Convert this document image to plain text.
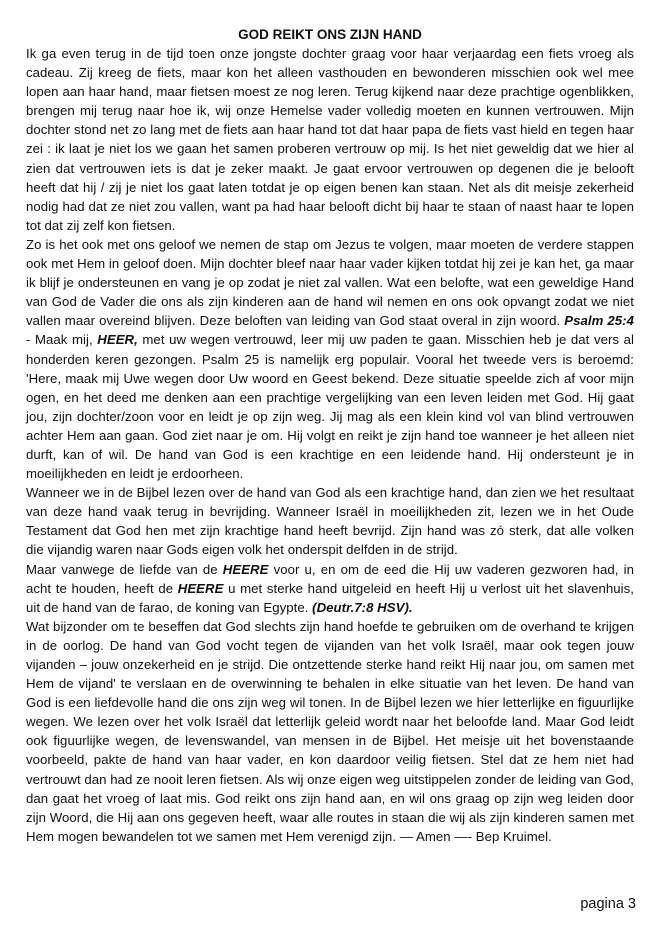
GOD REIKT ONS ZIJN HAND

Ik ga even terug in de tijd toen onze jongste dochter graag voor haar verjaardag een fiets vroeg als cadeau. Zij kreeg de fiets, maar kon het alleen vasthouden en bewonderen misschien ook wel mee lopen aan haar hand, maar fietsen moest ze nog leren. Terug kijkend naar deze prachtige ogenblikken, brengen mij terug naar hoe ik, wij onze Hemelse vader volledig moeten en kunnen vertrouwen. Mijn dochter stond net zo lang met de fiets aan haar hand tot dat haar papa de fiets vast hield en tegen haar zei : ik laat je niet los we gaan het samen proberen vertrouw op mij. Is het niet geweldig dat we hier al zien dat vertrouwen iets is dat je zeker maakt. Je gaat ervoor vertrouwen op degenen die je belooft heeft dat hij / zij je niet los gaat laten totdat je op eigen benen kan staan. Net als dit meisje zekerheid nodig had dat ze niet zou vallen, want pa had haar belooft dicht bij haar te staan of naast haar te lopen tot dat zij zelf kon fietsen.

Zo is het ook met ons geloof we nemen de stap om Jezus te volgen, maar moeten de verdere stappen ook met Hem in geloof doen. Mijn dochter bleef naar haar vader kijken totdat hij zei je kan het, ga maar ik blijf je ondersteunen en vang je op zodat je niet zal vallen. Wat een belofte, wat een geweldige Hand van God de Vader die ons als zijn kinderen aan de hand wil nemen en ons ook opvangt zodat we niet vallen maar overeind blijven. Deze beloften van leiding van God staat overal in zijn woord. Psalm 25:4 - Maak mij, HEER, met uw wegen vertrouwd, leer mij uw paden te gaan. Misschien heb je dat vers al honderden keren gezongen. Psalm 25 is namelijk erg populair. Vooral het tweede vers is beroemd: 'Here, maak mij Uwe wegen door Uw woord en Geest bekend. Deze situatie speelde zich af voor mijn ogen, en het deed me denken aan een prachtige vergelijking van een leven leiden met God. Hij gaat jou, zijn dochter/zoon voor en leidt je op zijn weg. Jij mag als een klein kind vol van blind vertrouwen achter Hem aan gaan. God ziet naar je om. Hij volgt en reikt je zijn hand toe wanneer je het alleen niet durft, kan of wil. De hand van God is een krachtige en een leidende hand. Hij ondersteunt je in moeilijkheden en leidt je erdoorheen.

Wanneer we in de Bijbel lezen over de hand van God als een krachtige hand, dan zien we het resultaat van deze hand vaak terug in bevrijding. Wanneer Israël in moeilijkheden zit, lezen we in het Oude Testament dat God hen met zijn krachtige hand heeft bevrijd. Zijn hand was zó sterk, dat alle volken die vijandig waren naar Gods eigen volk het onderspit delfden in de strijd.

Maar vanwege de liefde van de HEERE voor u, en om de eed die Hij uw vaderen gezworen had, in acht te houden, heeft de HEERE u met sterke hand uitgeleid en heeft Hij u verlost uit het slavenhuis, uit de hand van de farao, de koning van Egypte. (Deutr.7:8 HSV).

Wat bijzonder om te beseffen dat God slechts zijn hand hoefde te gebruiken om de overhand te krijgen in de oorlog. De hand van God vocht tegen de vijanden van het volk Israël, maar ook tegen jouw vijanden – jouw onzekerheid en je strijd. Die ontzettende sterke hand reikt Hij naar jou, om samen met Hem de vijand' te verslaan en de overwinning te behalen in elke situatie van het leven. De hand van God is een liefdevolle hand die ons zijn weg wil tonen. In de Bijbel lezen we hier letterlijke en figuurlijke wegen. We lezen over het volk Israël dat letterlijk geleid wordt naar het beloofde land. Maar God leidt ook figuurlijke wegen, de levenswandel, van mensen in de Bijbel. Het meisje uit het bovenstaande voorbeeld, pakte de hand van haar vader, en kon daardoor veilig fietsen. Stel dat ze hem niet had vertrouwt dan had ze nooit leren fietsen. Als wij onze eigen weg uitstippelen zonder de leiding van God, dan gaat het vroeg of laat mis. God reikt ons zijn hand aan, en wil ons graag op zijn weg leiden door zijn Woord, die Hij aan ons gegeven heeft, waar alle routes in staan die wij als zijn kinderen samen met Hem mogen bewandelen tot we samen met Hem verenigd zijn. — Amen —- Bep Kruimel.

pagina 3
